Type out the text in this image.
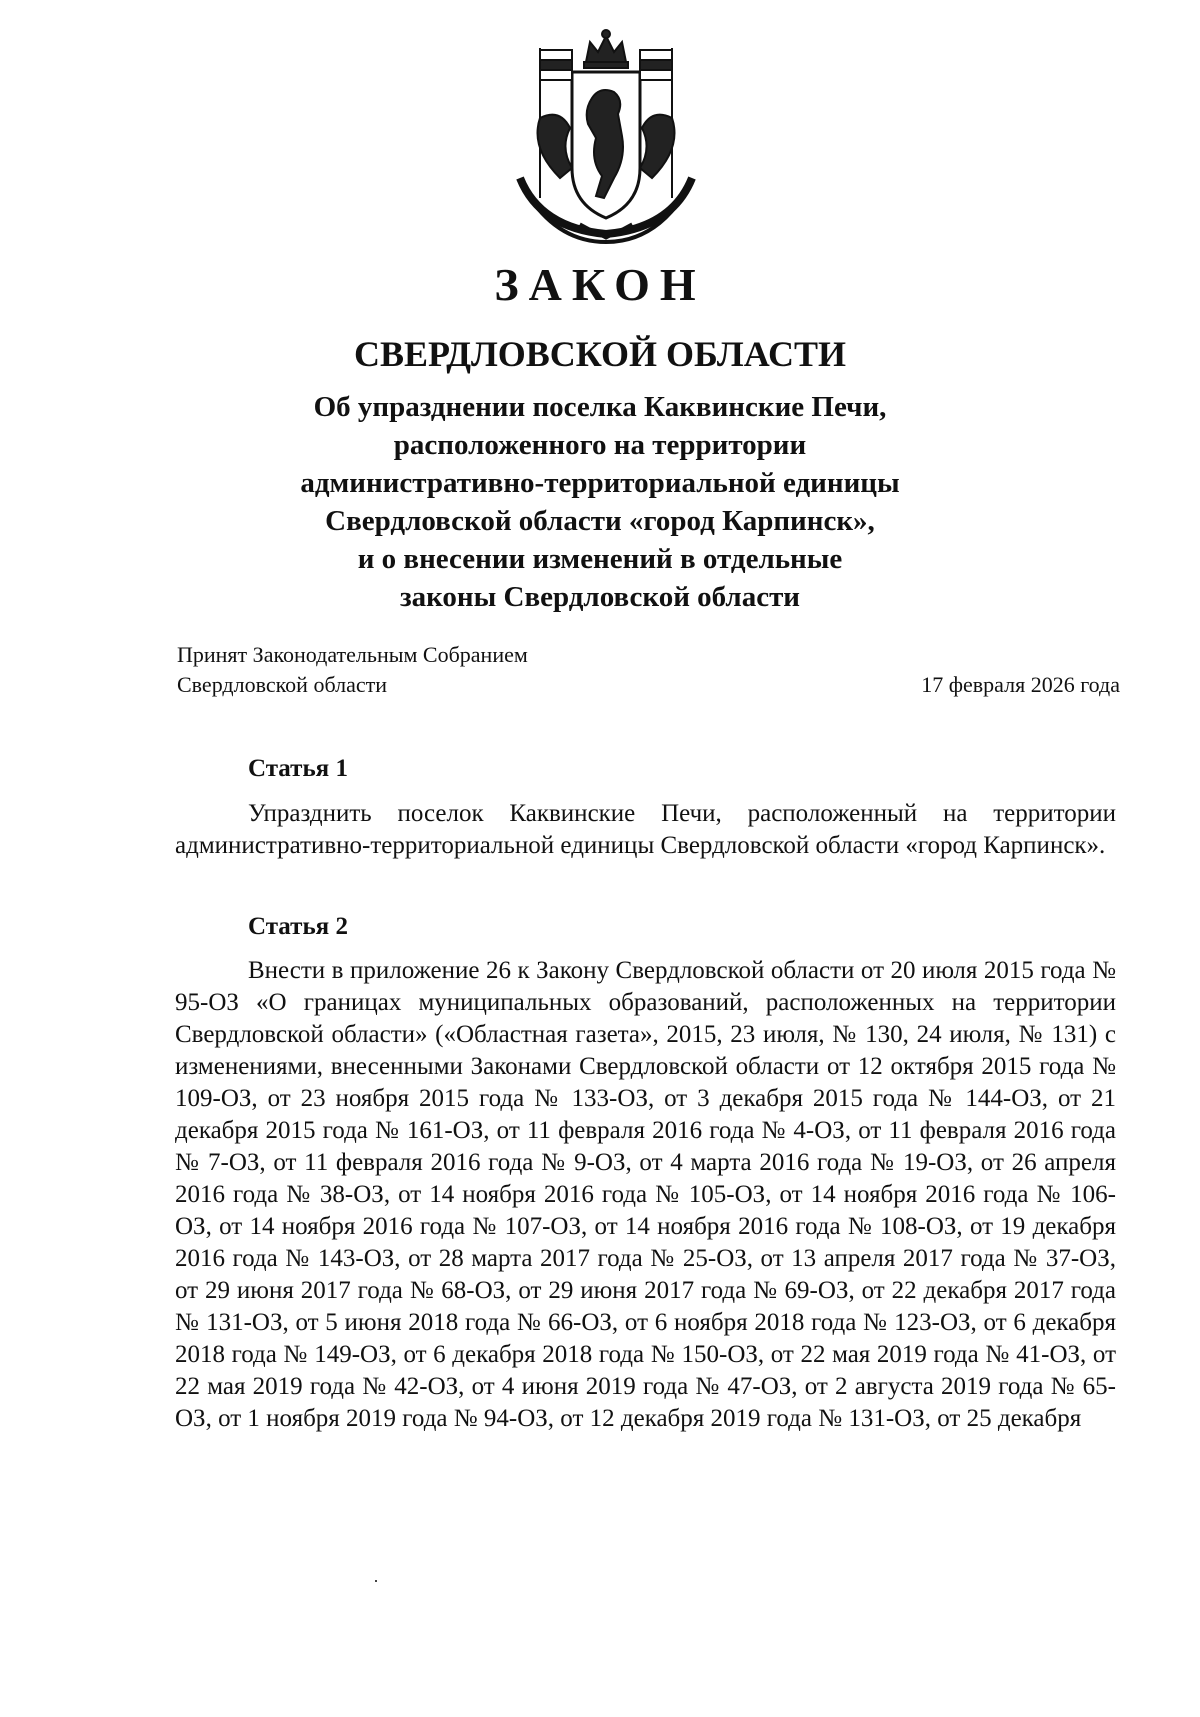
ЗАКОН
СВЕРДЛОВСКОЙ ОБЛАСТИ
Об упразднении поселка Каквинские Печи,
расположенного на территории
административно-территориальной единицы
Свердловской области «город Карпинск»,
и о внесении изменений в отдельные
законы Свердловской области
Принят Законодательным Собранием
Свердловской области	17 февраля 2026 года
Статья 1
Упразднить поселок Каквинские Печи, расположенный на территории административно-территориальной единицы Свердловской области «город Карпинск».
Статья 2
Внести в приложение 26 к Закону Свердловской области от 20 июля 2015 года № 95-ОЗ «О границах муниципальных образований, расположенных на территории Свердловской области» («Областная газета», 2015, 23 июля, № 130, 24 июля, № 131) с изменениями, внесенными Законами Свердловской области от 12 октября 2015 года № 109-ОЗ, от 23 ноября 2015 года № 133-ОЗ, от 3 декабря 2015 года № 144-ОЗ, от 21 декабря 2015 года № 161-ОЗ, от 11 февраля 2016 года № 4-ОЗ, от 11 февраля 2016 года № 7-ОЗ, от 11 февраля 2016 года № 9-ОЗ, от 4 марта 2016 года № 19-ОЗ, от 26 апреля 2016 года № 38-ОЗ, от 14 ноября 2016 года № 105-ОЗ, от 14 ноября 2016 года № 106-ОЗ, от 14 ноября 2016 года № 107-ОЗ, от 14 ноября 2016 года № 108-ОЗ, от 19 декабря 2016 года № 143-ОЗ, от 28 марта 2017 года № 25-ОЗ, от 13 апреля 2017 года № 37-ОЗ, от 29 июня 2017 года № 68-ОЗ, от 29 июня 2017 года № 69-ОЗ, от 22 декабря 2017 года № 131-ОЗ, от 5 июня 2018 года № 66-ОЗ, от 6 ноября 2018 года № 123-ОЗ, от 6 декабря 2018 года № 149-ОЗ, от 6 декабря 2018 года № 150-ОЗ, от 22 мая 2019 года № 41-ОЗ, от 22 мая 2019 года № 42-ОЗ, от 4 июня 2019 года № 47-ОЗ, от 2 августа 2019 года № 65-ОЗ, от 1 ноября 2019 года № 94-ОЗ, от 12 декабря 2019 года № 131-ОЗ, от 25 декабря
